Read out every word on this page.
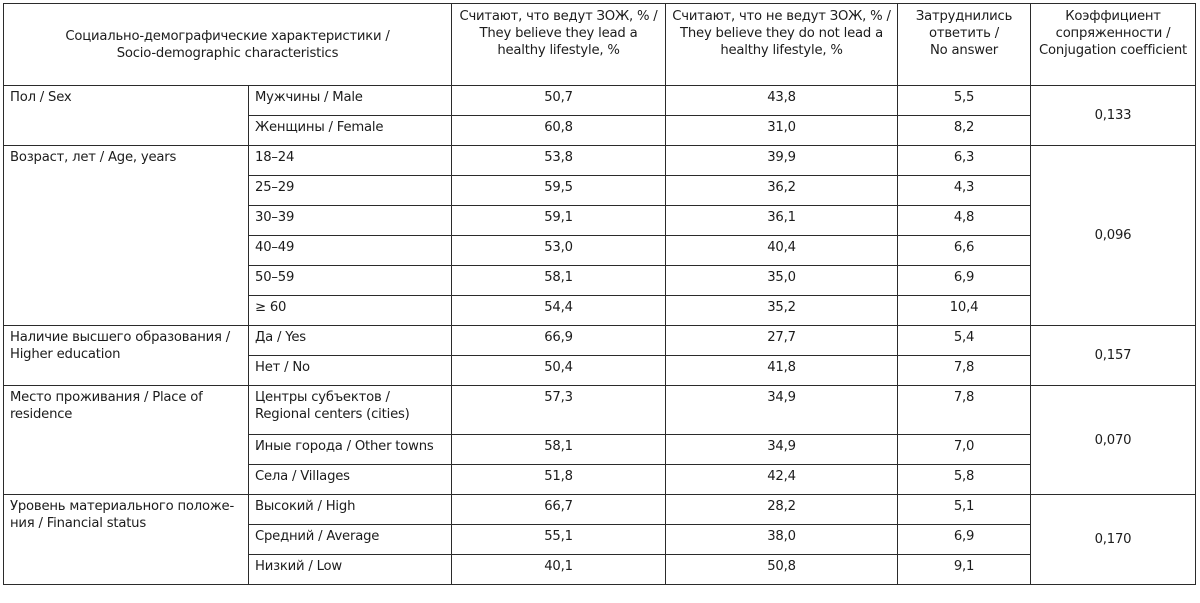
Социально-демографические характеристики /
Socio-demographic characteristics		Считают, что ведут ЗОЖ, % /
They believe they lead a
healthy lifestyle, %	Считают, что не ведут ЗОЖ, % /
They believe they do not lead a
healthy lifestyle, %	Затруднились
ответить /
No answer	Коэффициент
сопряженности /
Conjugation coefficient

Пол / Sex	Мужчины / Male	50,7	43,8	5,5	0,133

	Женщины / Female	60,8	31,0	8,2	

Возраст, лет / Age, years	18–24	53,8	39,9	6,3	0,096

	25–29	59,5	36,2	4,3	

	30–39	59,1	36,1	4,8	

	40–49	53,0	40,4	6,6	

	50–59	58,1	35,0	6,9	

	≥ 60	54,4	35,2	10,4	

Наличие высшего образования /
Higher education	Да / Yes	66,9	27,7	5,4	0,157

	Нет / No	50,4	41,8	7,8	

Место проживания / Place of
residence	Центры субъектов /
Regional centers (cities)	57,3	34,9	7,8	0,070

	Иные города / Other towns	58,1	34,9	7,0	

	Села / Villages	51,8	42,4	5,8	

Уровень материального положе-
ния / Financial status	Высокий / High	66,7	28,2	5,1	0,170

	Средний / Average	55,1	38,0	6,9	

	Низкий / Low	40,1	50,8	9,1	
